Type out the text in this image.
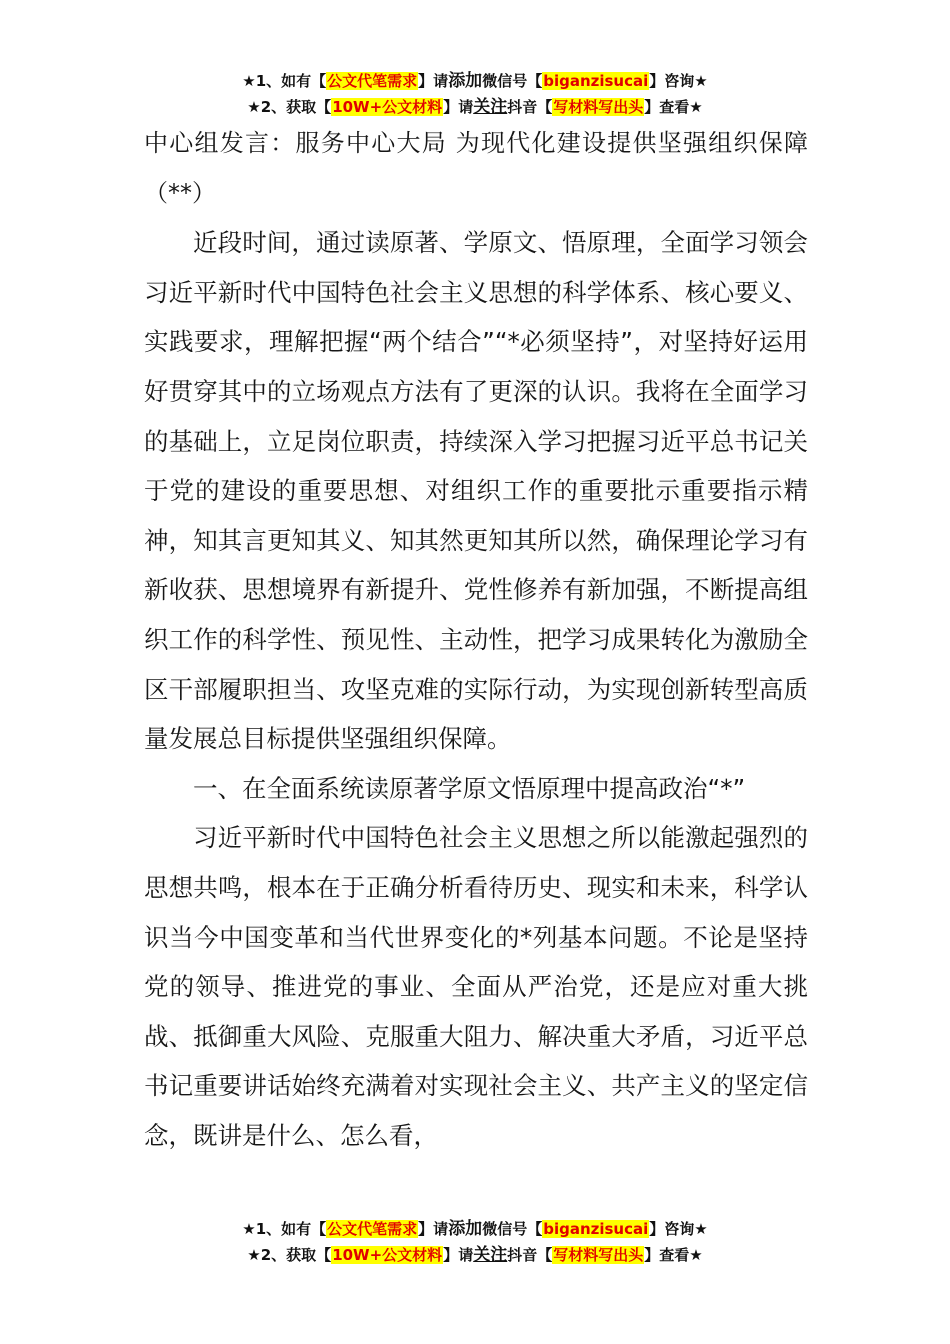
★1、如有【公文代笔需求】请添加微信号【biganzisucai】咨询★
★2、获取【10W+公文材料】请关注抖音【写材料写出头】查看★

中心组发言：服务中心大局 为现代化建设提供坚强组织保障（**）

近段时间，通过读原著、学原文、悟原理，全面学习领会习近平新时代中国特色社会主义思想的科学体系、核心要义、实践要求，理解把握“两个结合”“*必须坚持”，对坚持好运用好贯穿其中的立场观点方法有了更深的认识。我将在全面学习的基础上，立足岗位职责，持续深入学习把握习近平总书记关于党的建设的重要思想、对组织工作的重要批示重要指示精神，知其言更知其义、知其然更知其所以然，确保理论学习有新收获、思想境界有新提升、党性修养有新加强，不断提高组织工作的科学性、预见性、主动性，把学习成果转化为激励全区干部履职担当、攻坚克难的实际行动，为实现创新转型高质量发展总目标提供坚强组织保障。

一、在全面系统读原著学原文悟原理中提高政治“*”

习近平新时代中国特色社会主义思想之所以能激起强烈的思想共鸣，根本在于正确分析看待历史、现实和未来，科学认识当今中国变革和当代世界变化的*列基本问题。不论是坚持党的领导、推进党的事业、全面从严治党，还是应对重大挑战、抵御重大风险、克服重大阻力、解决重大矛盾，习近平总书记重要讲话始终充满着对实现社会主义、共产主义的坚定信念，既讲是什么、怎么看，

★1、如有【公文代笔需求】请添加微信号【biganzisucai】咨询★
★2、获取【10W+公文材料】请关注抖音【写材料写出头】查看★
